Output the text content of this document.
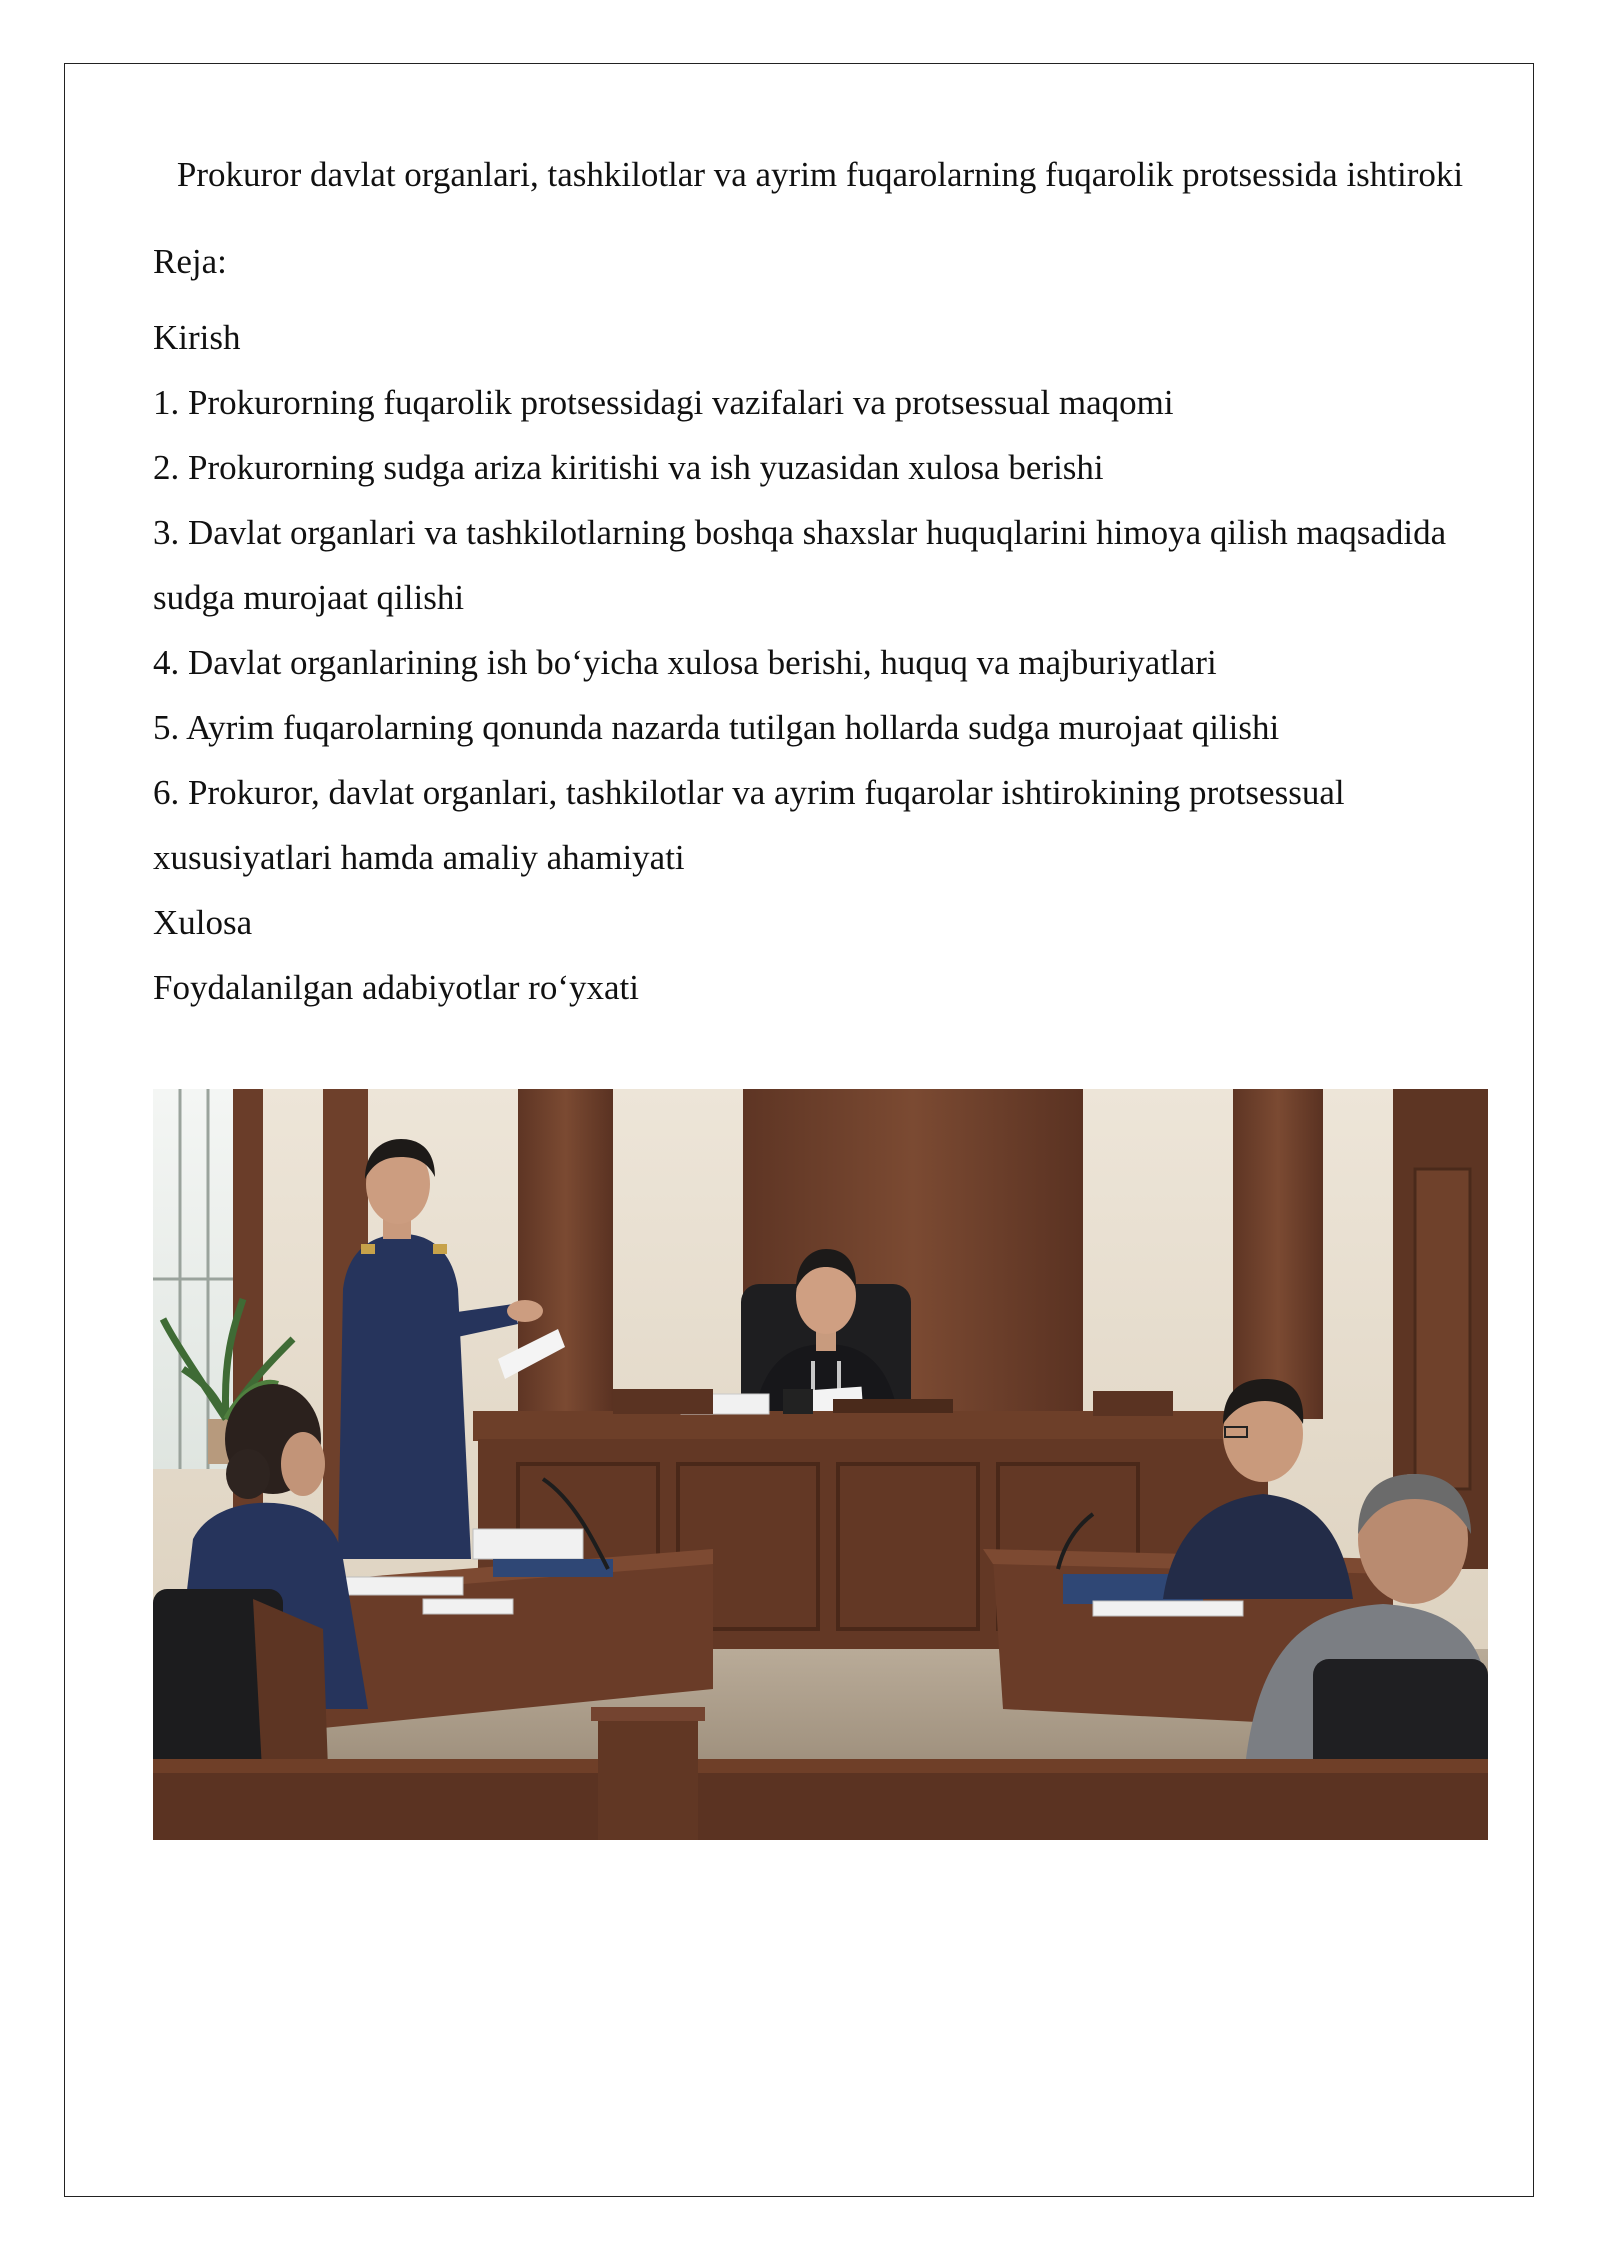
Prokuror davlat organlari, tashkilotlar va ayrim fuqarolarning fuqarolik protsessida ishtiroki

Reja:

Kirish
1. Prokurorning fuqarolik protsessidagi vazifalari va protsessual maqomi
2. Prokurorning sudga ariza kiritishi va ish yuzasidan xulosa berishi
3. Davlat organlari va tashkilotlarning boshqa shaxslar huquqlarini himoya qilish maqsadida sudga murojaat qilishi
4. Davlat organlarining ish bo‘yicha xulosa berishi, huquq va majburiyatlari
5. Ayrim fuqarolarning qonunda nazarda tutilgan hollarda sudga murojaat qilishi
6. Prokuror, davlat organlari, tashkilotlar va ayrim fuqarolar ishtirokining protsessual xususiyatlari hamda amaliy ahamiyati
Xulosa
Foydalanilgan adabiyotlar ro‘yxati
